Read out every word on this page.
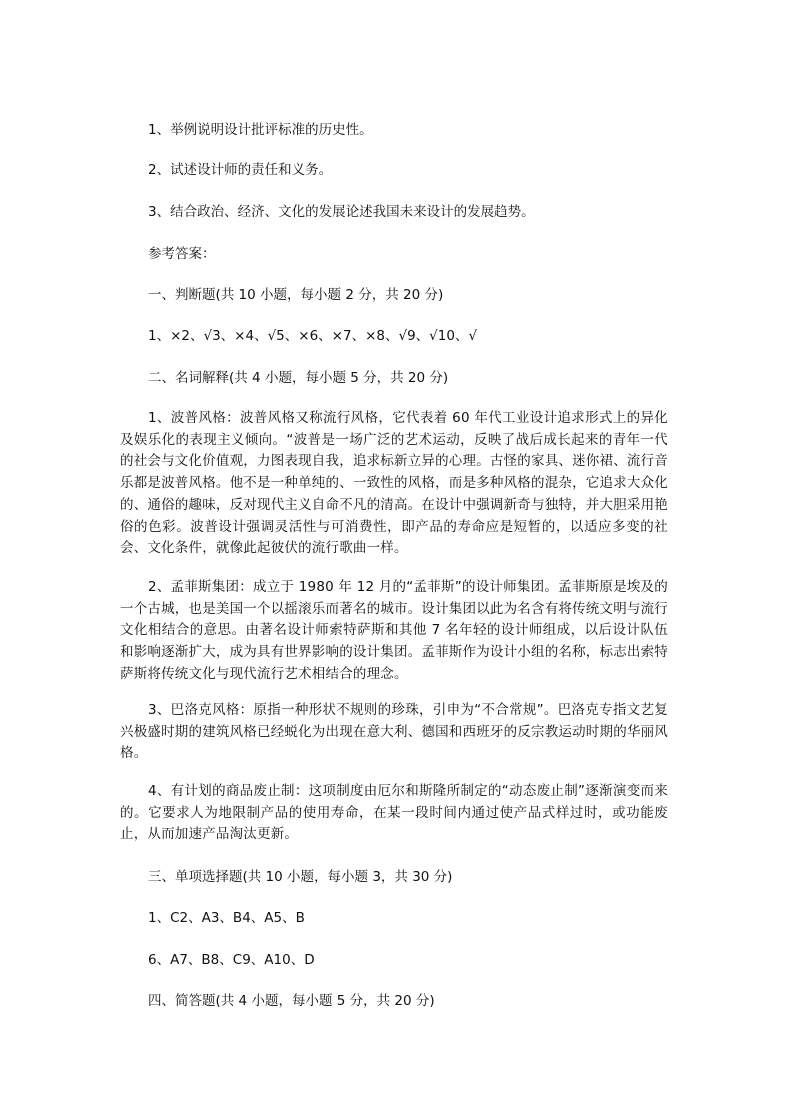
1、举例说明设计批评标准的历史性。
2、试述设计师的责任和义务。
3、结合政治、经济、文化的发展论述我国未来设计的发展趋势。
参考答案：
一、判断题(共 10 小题，每小题 2 分，共 20 分)
1、×2、√3、×4、√5、×6、×7、×8、√9、√10、√
二、名词解释(共 4 小题，每小题 5 分，共 20 分)
1、波普风格：波普风格又称流行风格，它代表着 60 年代工业设计追求形式上的异化及娱乐化的表现主义倾向。“波普是一场广泛的艺术运动，反映了战后成长起来的青年一代的社会与文化价值观，力图表现自我，追求标新立异的心理。古怪的家具、迷你裙、流行音乐都是波普风格。他不是一种单纯的、一致性的风格，而是多种风格的混杂，它追求大众化的、通俗的趣味，反对现代主义自命不凡的清高。在设计中强调新奇与独特，并大胆采用艳俗的色彩。波普设计强调灵活性与可消费性，即产品的寿命应是短暂的，以适应多变的社会、文化条件，就像此起彼伏的流行歌曲一样。
2、孟菲斯集团：成立于 1980 年 12 月的“孟菲斯”的设计师集团。孟菲斯原是埃及的一个古城，也是美国一个以摇滚乐而著名的城市。设计集团以此为名含有将传统文明与流行文化相结合的意思。由著名设计师索特萨斯和其他 7 名年轻的设计师组成，以后设计队伍和影响逐渐扩大，成为具有世界影响的设计集团。孟菲斯作为设计小组的名称，标志出索特萨斯将传统文化与现代流行艺术相结合的理念。
3、巴洛克风格：原指一种形状不规则的珍珠，引申为“不合常规”。巴洛克专指文艺复兴极盛时期的建筑风格已经蜕化为出现在意大利、德国和西班牙的反宗教运动时期的华丽风格。
4、有计划的商品废止制：这项制度由厄尔和斯隆所制定的“动态废止制”逐渐演变而来的。它要求人为地限制产品的使用寿命，在某一段时间内通过使产品式样过时，或功能废止，从而加速产品淘汰更新。
三、单项选择题(共 10 小题，每小题 3，共 30 分)
1、C2、A3、B4、A5、B
6、A7、B8、C9、A10、D
四、简答题(共 4 小题，每小题 5 分，共 20 分)
